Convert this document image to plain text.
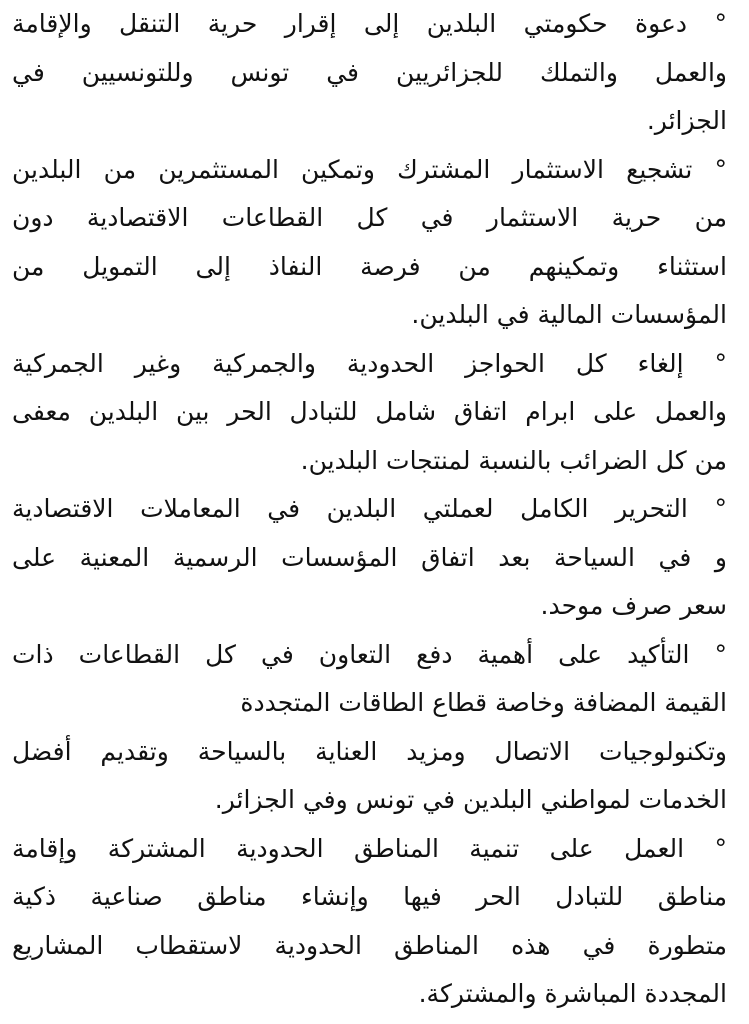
° دعوة حكومتي البلدين إلى إقرار حرية التنقل والإقامة
والعمل والتملك للجزائريين في تونس وللتونسيين في
الجزائر.
° تشجيع الاستثمار المشترك وتمكين المستثمرين من البلدين
من حرية الاستثمار في كل القطاعات الاقتصادية دون
استثناء وتمكينهم من فرصة النفاذ إلى التمويل من
المؤسسات المالية في البلدين.
° إلغاء كل الحواجز الحدودية والجمركية وغير الجمركية
والعمل على ابرام اتفاق شامل للتبادل الحر بين البلدين معفى
من كل الضرائب بالنسبة لمنتجات البلدين.
° التحرير الكامل لعملتي البلدين في المعاملات الاقتصادية
و في السياحة بعد اتفاق المؤسسات الرسمية المعنية على
سعر صرف موحد.
° التأكيد على أهمية دفع التعاون في كل القطاعات ذات
القيمة المضافة وخاصة قطاع الطاقات المتجددة
وتكنولوجيات الاتصال ومزيد العناية بالسياحة وتقديم أفضل
الخدمات لمواطني البلدين في تونس وفي الجزائر.
° العمل على تنمية المناطق الحدودية المشتركة وإقامة
مناطق للتبادل الحر فيها وإنشاء مناطق صناعية ذكية
متطورة في هذه المناطق الحدودية لاستقطاب المشاريع
المجددة المباشرة والمشتركة.
